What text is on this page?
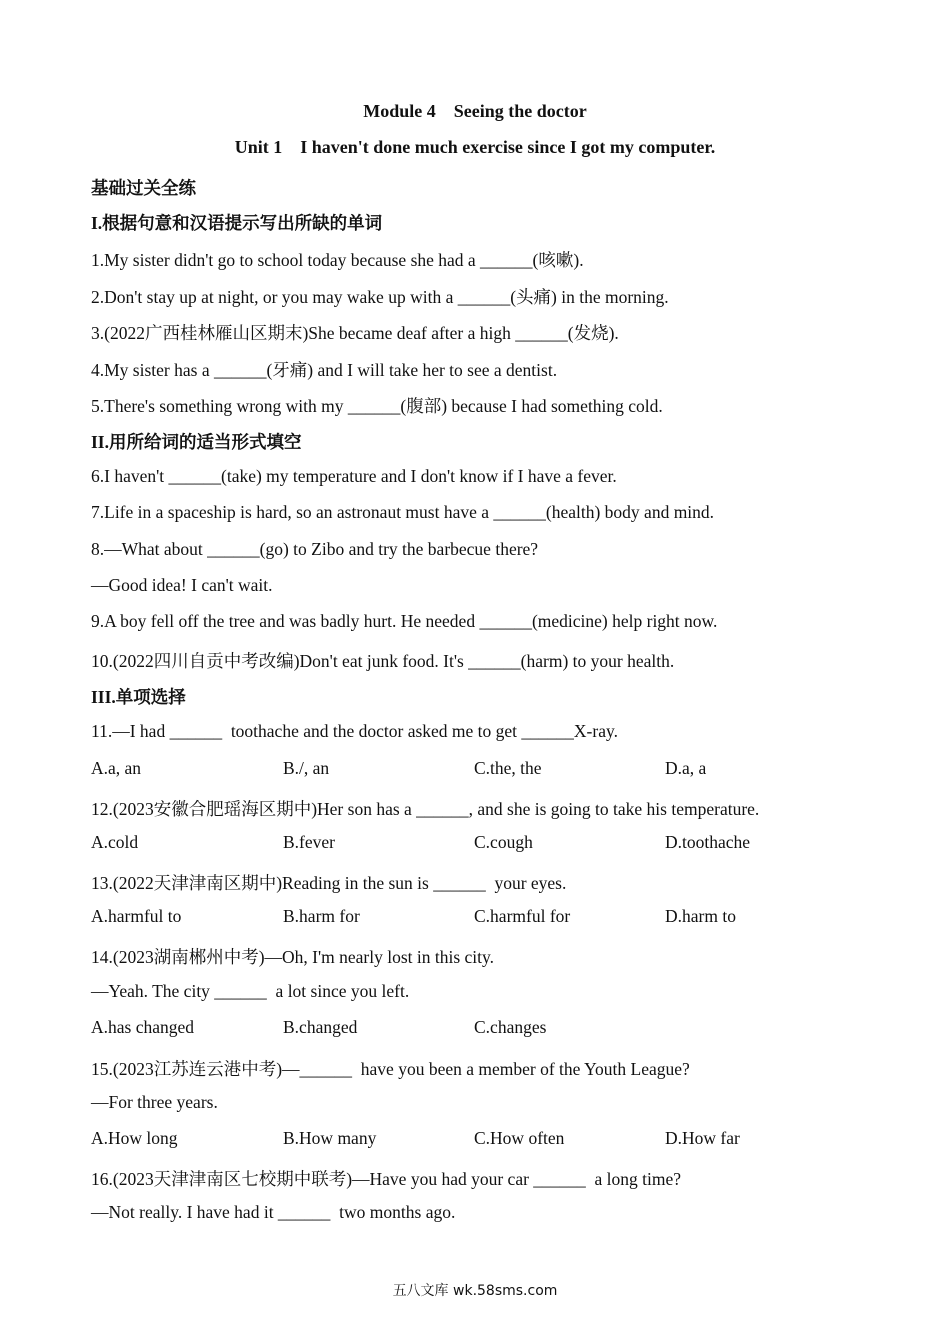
Module 4    Seeing the doctor
Unit 1    I haven't done much exercise since I got my computer.
基础过关全练
I.根据句意和汉语提示写出所缺的单词
1.My sister didn't go to school today because she had a ______(咳嗽).
2.Don't stay up at night, or you may wake up with a ______(头痛) in the morning.
3.(2022广西桂林雁山区期末)She became deaf after a high ______(发烧).
4.My sister has a ______(牙痛) and I will take her to see a dentist.
5.There's something wrong with my ______(腹部) because I had something cold.
II.用所给词的适当形式填空
6.I haven't ______(take) my temperature and I don't know if I have a fever.
7.Life in a spaceship is hard, so an astronaut must have a ______(health) body and mind.
8.—What about ______(go) to Zibo and try the barbecue there?
—Good idea! I can't wait.
9.A boy fell off the tree and was badly hurt. He needed ______(medicine) help right now.
10.(2022四川自贡中考改编)Don't eat junk food. It's ______(harm) to your health.
III.单项选择
11.—I had ______  toothache and the doctor asked me to get ______X-ray.
A.a, an	B./, an	C.the, the	D.a, a
12.(2023安徽合肥瑶海区期中)Her son has a ______, and she is going to take his temperature.
A.cold	B.fever	C.cough	D.toothache
13.(2022天津津南区期中)Reading in the sun is ______  your eyes.
A.harmful to	B.harm for	C.harmful for	D.harm to
14.(2023湖南郴州中考)—Oh, I'm nearly lost in this city.
—Yeah. The city ______  a lot since you left.
A.has changed	B.changed	C.changes
15.(2023江苏连云港中考)—______  have you been a member of the Youth League?
—For three years.
A.How long	B.How many	C.How often	D.How far
16.(2023天津津南区七校期中联考)—Have you had your car ______  a long time?
—Not really. I have had it ______  two months ago.
五八文库 wk.58sms.com
